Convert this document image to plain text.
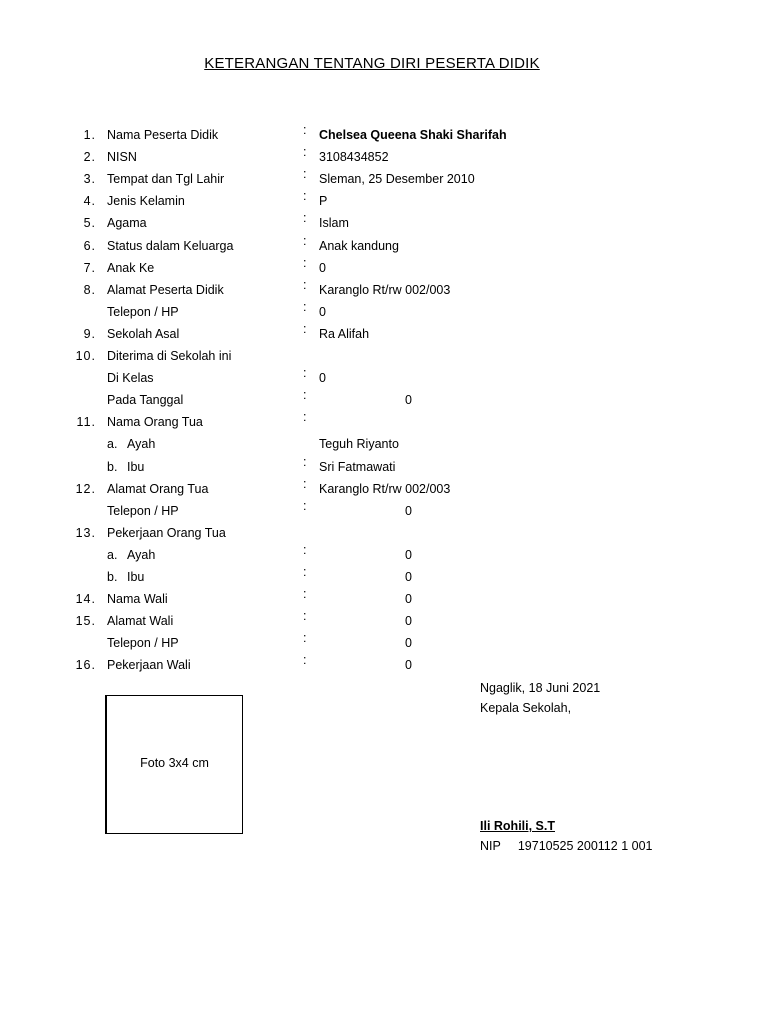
KETERANGAN TENTANG DIRI PESERTA DIDIK
1. Nama Peserta Didik	: Chelsea Queena Shaki Sharifah
2. NISN	: 3108434852
3. Tempat dan Tgl Lahir	: Sleman, 25 Desember 2010
4. Jenis Kelamin	: P
5. Agama	: Islam
6. Status dalam Keluarga	: Anak kandung
7. Anak Ke	: 0
8. Alamat Peserta Didik	: Karanglo Rt/rw 002/003
Telepon / HP	: 0
9. Sekolah Asal	: Ra Alifah
10. Diterima di Sekolah ini
Di Kelas	: 0
Pada Tanggal	:	0
11. Nama Orang Tua	:
a. Ayah	Teguh Riyanto
b. Ibu	: Sri Fatmawati
12. Alamat Orang Tua	: Karanglo Rt/rw 002/003
Telepon / HP	:	0
13. Pekerjaan Orang Tua
a. Ayah	:	0
b. Ibu	:	0
14. Nama Wali	:	0
15. Alamat Wali	:	0
Telepon / HP	:	0
16. Pekerjaan Wali	:	0
Foto 3x4 cm
Ngaglik, 18 Juni 2021
Kepala Sekolah,
Ili Rohili, S.T
NIP 19710525 200112 1 001
